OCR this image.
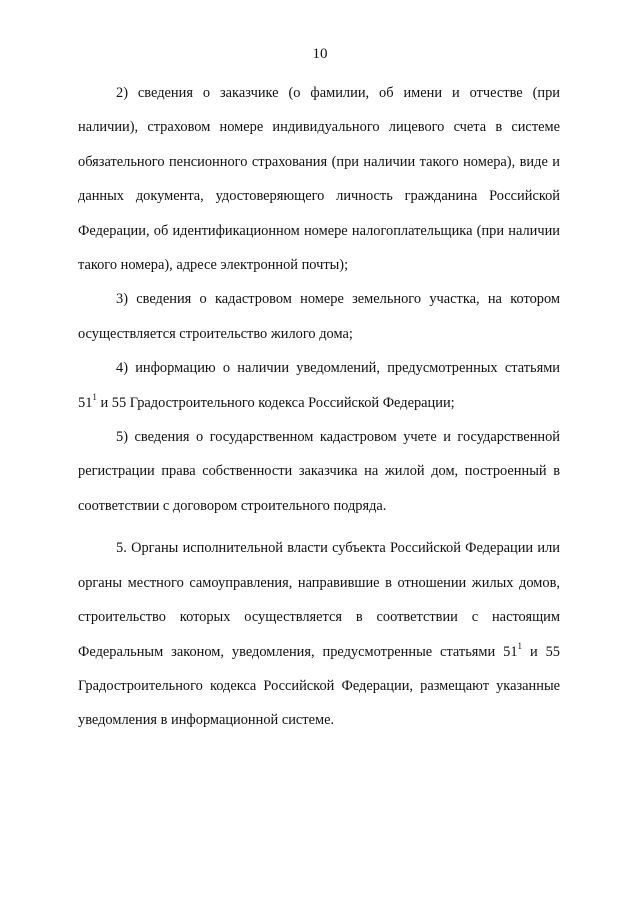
10

2) сведения о заказчике (о фамилии, об имени и отчестве (при наличии), страховом номере индивидуального лицевого счета в системе обязательного пенсионного страхования (при наличии такого номера), виде и данных документа, удостоверяющего личность гражданина Российской Федерации, об идентификационном номере налогоплательщика (при наличии такого номера), адресе электронной почты);

3) сведения о кадастровом номере земельного участка, на котором осуществляется строительство жилого дома;

4) информацию о наличии уведомлений, предусмотренных статьями $51^1$ и 55 Градостроительного кодекса Российской Федерации;

5) сведения о государственном кадастровом учете и государственной регистрации права собственности заказчика на жилой дом, построенный в соответствии с договором строительного подряда.

5. Органы исполнительной власти субъекта Российской Федерации или органы местного самоуправления, направившие в отношении жилых домов, строительство которых осуществляется в соответствии с настоящим Федеральным законом, уведомления, предусмотренные статьями $51^1$ и 55 Градостроительного кодекса Российской Федерации, размещают указанные уведомления в информационной системе.
